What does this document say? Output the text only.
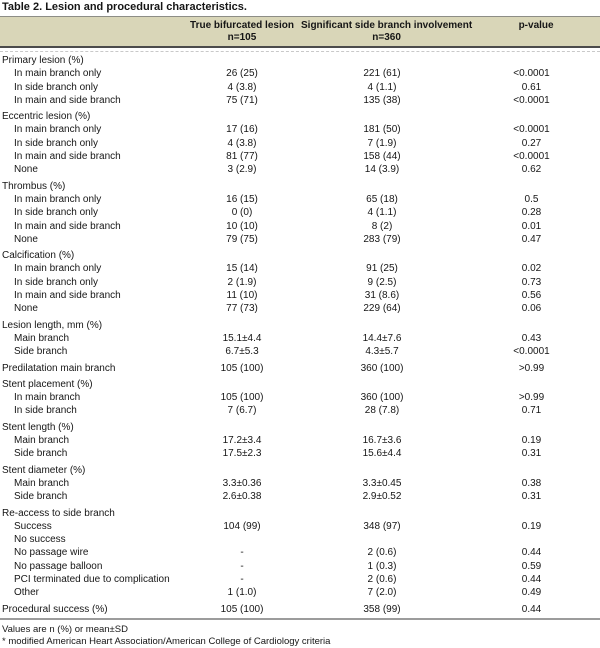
Table 2. Lesion and procedural characteristics.
True bifurcated lesion
n=105
Significant side branch involvement
n=360
p-value
Primary lesion (%)
In main branch only	26 (25)	221 (61)	<0.0001
In side branch only	4 (3.8)	4 (1.1)	0.61
In main and side branch	75 (71)	135 (38)	<0.0001
Eccentric lesion (%)
In main branch only	17 (16)	181 (50)	<0.0001
In side branch only	4 (3.8)	7 (1.9)	0.27
In main and side branch	81 (77)	158 (44)	<0.0001
None	3 (2.9)	14 (3.9)	0.62
Thrombus (%)
In main branch only	16 (15)	65 (18)	0.5
In side branch only	0 (0)	4 (1.1)	0.28
In main and side branch	10 (10)	8 (2)	0.01
None	79 (75)	283 (79)	0.47
Calcification (%)
In main branch only	15 (14)	91 (25)	0.02
In side branch only	2 (1.9)	9 (2.5)	0.73
In main and side branch	11 (10)	31 (8.6)	0.56
None	77 (73)	229 (64)	0.06
Lesion length, mm (%)
Main branch	15.1±4.4	14.4±7.6	0.43
Side branch	6.7±5.3	4.3±5.7	<0.0001
Predilatation main branch	105 (100)	360 (100)	>0.99
Stent placement (%)
In main branch	105 (100)	360 (100)	>0.99
In side branch	7 (6.7)	28 (7.8)	0.71
Stent length (%)
Main branch	17.2±3.4	16.7±3.6	0.19
Side branch	17.5±2.3	15.6±4.4	0.31
Stent diameter (%)
Main branch	3.3±0.36	3.3±0.45	0.38
Side branch	2.6±0.38	2.9±0.52	0.31
Re-access to side branch
Success	104 (99)	348 (97)	0.19
No success
No passage wire	-	2 (0.6)	0.44
No passage balloon	-	1 (0.3)	0.59
PCI terminated due to complication	-	2 (0.6)	0.44
Other	1 (1.0)	7 (2.0)	0.49
Procedural success (%)	105 (100)	358 (99)	0.44
Values are n (%) or mean±SD
* modified American Heart Association/American College of Cardiology criteria
